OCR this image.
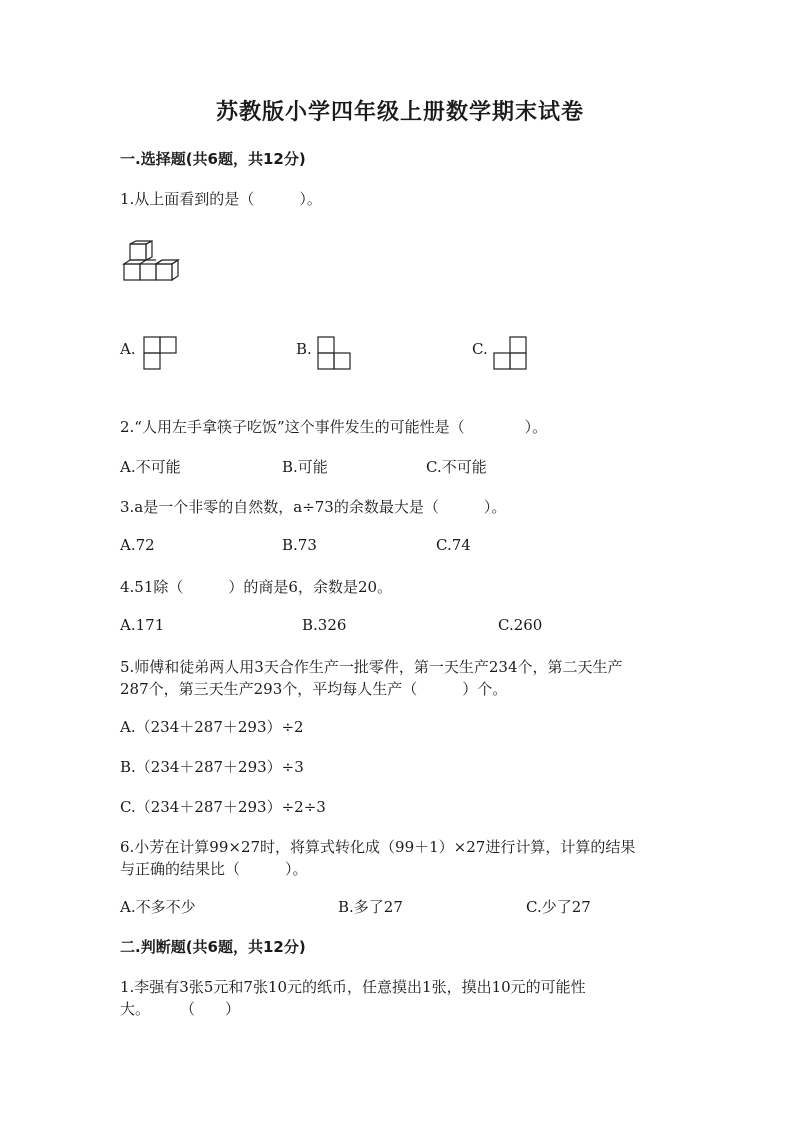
苏教版小学四年级上册数学期末试卷
一.选择题(共6题，共12分)
1.从上面看到的是（　　　）。
A.	B.	C.
2.“人用左手拿筷子吃饭”这个事件发生的可能性是（　　　　）。
A.不可能	B.可能	C.不可能
3.a是一个非零的自然数，a÷73的余数最大是（　　　）。
A.72	B.73	C.74
4.51除（　　　）的商是6，余数是20。
A.171	B.326	C.260
5.师傅和徒弟两人用3天合作生产一批零件，第一天生产234个，第二天生产
287个，第三天生产293个，平均每人生产（　　　）个。
A.（234＋287＋293）÷2
B.（234＋287＋293）÷3
C.（234＋287＋293）÷2÷3
6.小芳在计算99×27时，将算式转化成（99＋1）×27进行计算，计算的结果
与正确的结果比（　　　）。
A.不多不少	B.多了27	C.少了27
二.判断题(共6题，共12分)
1.李强有3张5元和7张10元的纸币，任意摸出1张，摸出10元的可能性
大。　　　（　　）
